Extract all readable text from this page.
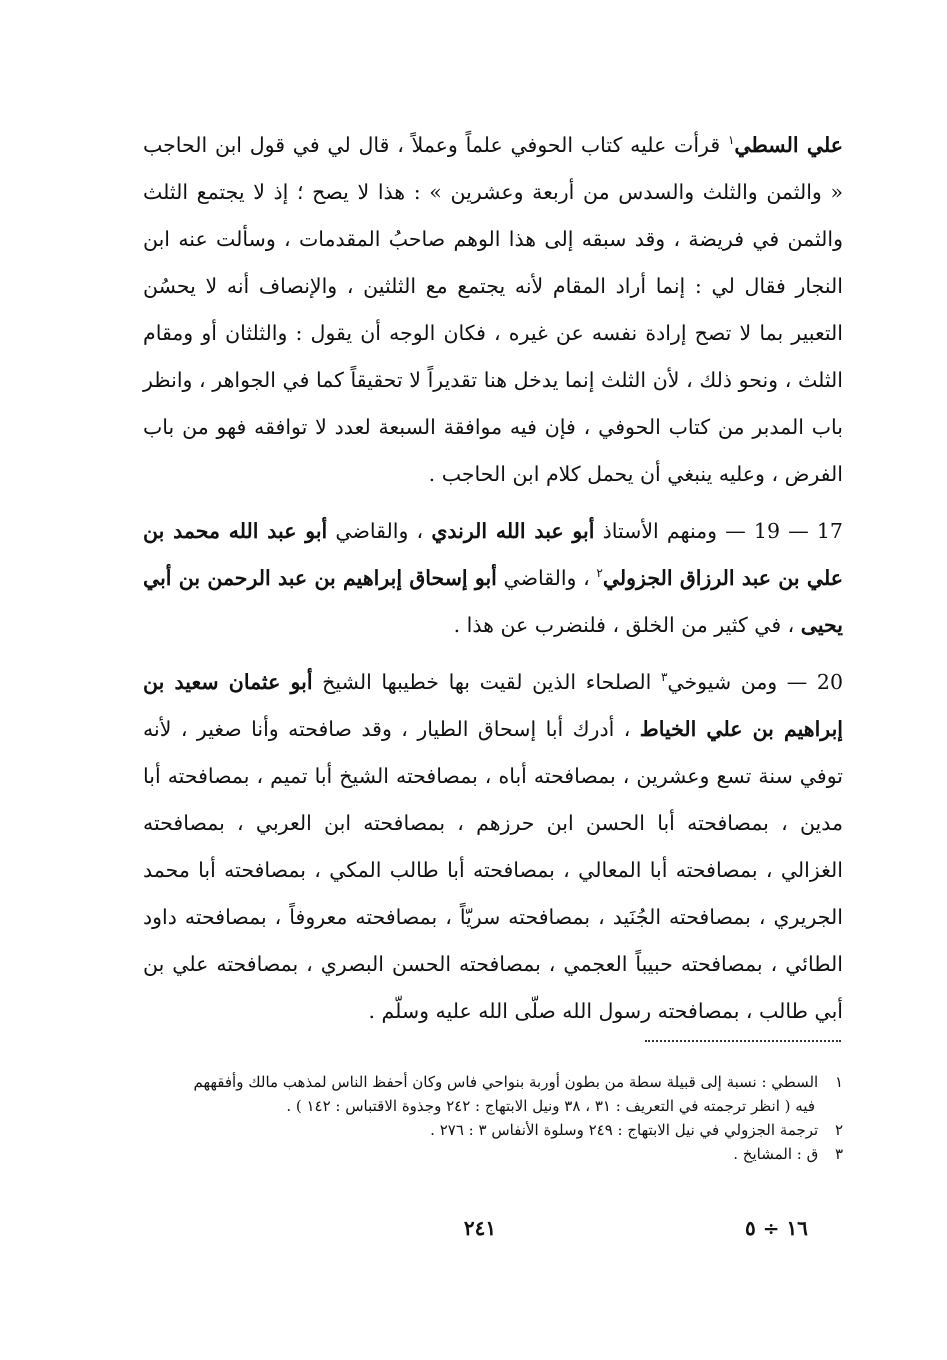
علي السطي$^١$ قرأت عليه كتاب الحوفي علماً وعملاً ، قال لي في قول ابن الحاجب « والثمن والثلث والسدس من أربعة وعشرين » : هذا لا يصح ؛ إذ لا يجتمع الثلث والثمن في فريضة ، وقد سبقه إلى هذا الوهم صاحبُ المقدمات ، وسألت عنه ابن النجار فقال لي : إنما أراد المقام لأنه يجتمع مع الثلثين ، والإنصاف أنه لا يحسُن التعبير بما لا تصح إرادة نفسه عن غيره ، فكان الوجه أن يقول : والثلثان أو ومقام الثلث ، ونحو ذلك ، لأن الثلث إنما يدخل هنا تقديراً لا تحقيقاً كما في الجواهر ، وانظر باب المدبر من كتاب الحوفي ، فإن فيه موافقة السبعة لعدد لا توافقه فهو من باب الفرض ، وعليه ينبغي أن يحمل كلام ابن الحاجب .

17 — 19 — ومنهم الأستاذ أبو عبد الله الرندي ، والقاضي أبو عبد الله محمد بن علي بن عبد الرزاق الجزولي$^٢$ ، والقاضي أبو إسحاق إبراهيم بن عبد الرحمن بن أبي يحيى ، في كثير من الخلق ، فلنضرب عن هذا .

20 — ومن شيوخي$^٣$ الصلحاء الذين لقيت بها خطيبها الشيخ أبو عثمان سعيد بن إبراهيم بن علي الخياط ، أدرك أبا إسحاق الطيار ، وقد صافحته وأنا صغير ، لأنه توفي سنة تسع وعشرين ، بمصافحته أباه ، بمصافحته الشيخ أبا تميم ، بمصافحته أبا مدين ، بمصافحته أبا الحسن ابن حرزهم ، بمصافحته ابن العربي ، بمصافحته الغزالي ، بمصافحته أبا المعالي ، بمصافحته أبا طالب المكي ، بمصافحته أبا محمد الجريري ، بمصافحته الجُنَيد ، بمصافحته سريّاً ، بمصافحته معروفاً ، بمصافحته داود الطائي ، بمصافحته حبيباً العجمي ، بمصافحته الحسن البصري ، بمصافحته علي بن أبي طالب ، بمصافحته رسول الله صلّى الله عليه وسلّم .

١ السطي : نسبة إلى قبيلة سطة من بطون أوربة بنواحي فاس وكان أحفظ الناس لمذهب مالك وأفقههم

فيه ( انظر ترجمته في التعريف : ٣١ ، ٣٨ ونيل الابتهاج : ٢٤٢ وجذوة الاقتباس : ١٤٢ ) .

٢ ترجمة الجزولي في نيل الابتهاج : ٢٤٩ وسلوة الأنفاس ٣ : ٢٧٦ .

٣ ق : المشايخ .

٢٤١	١٦ ÷ ٥
